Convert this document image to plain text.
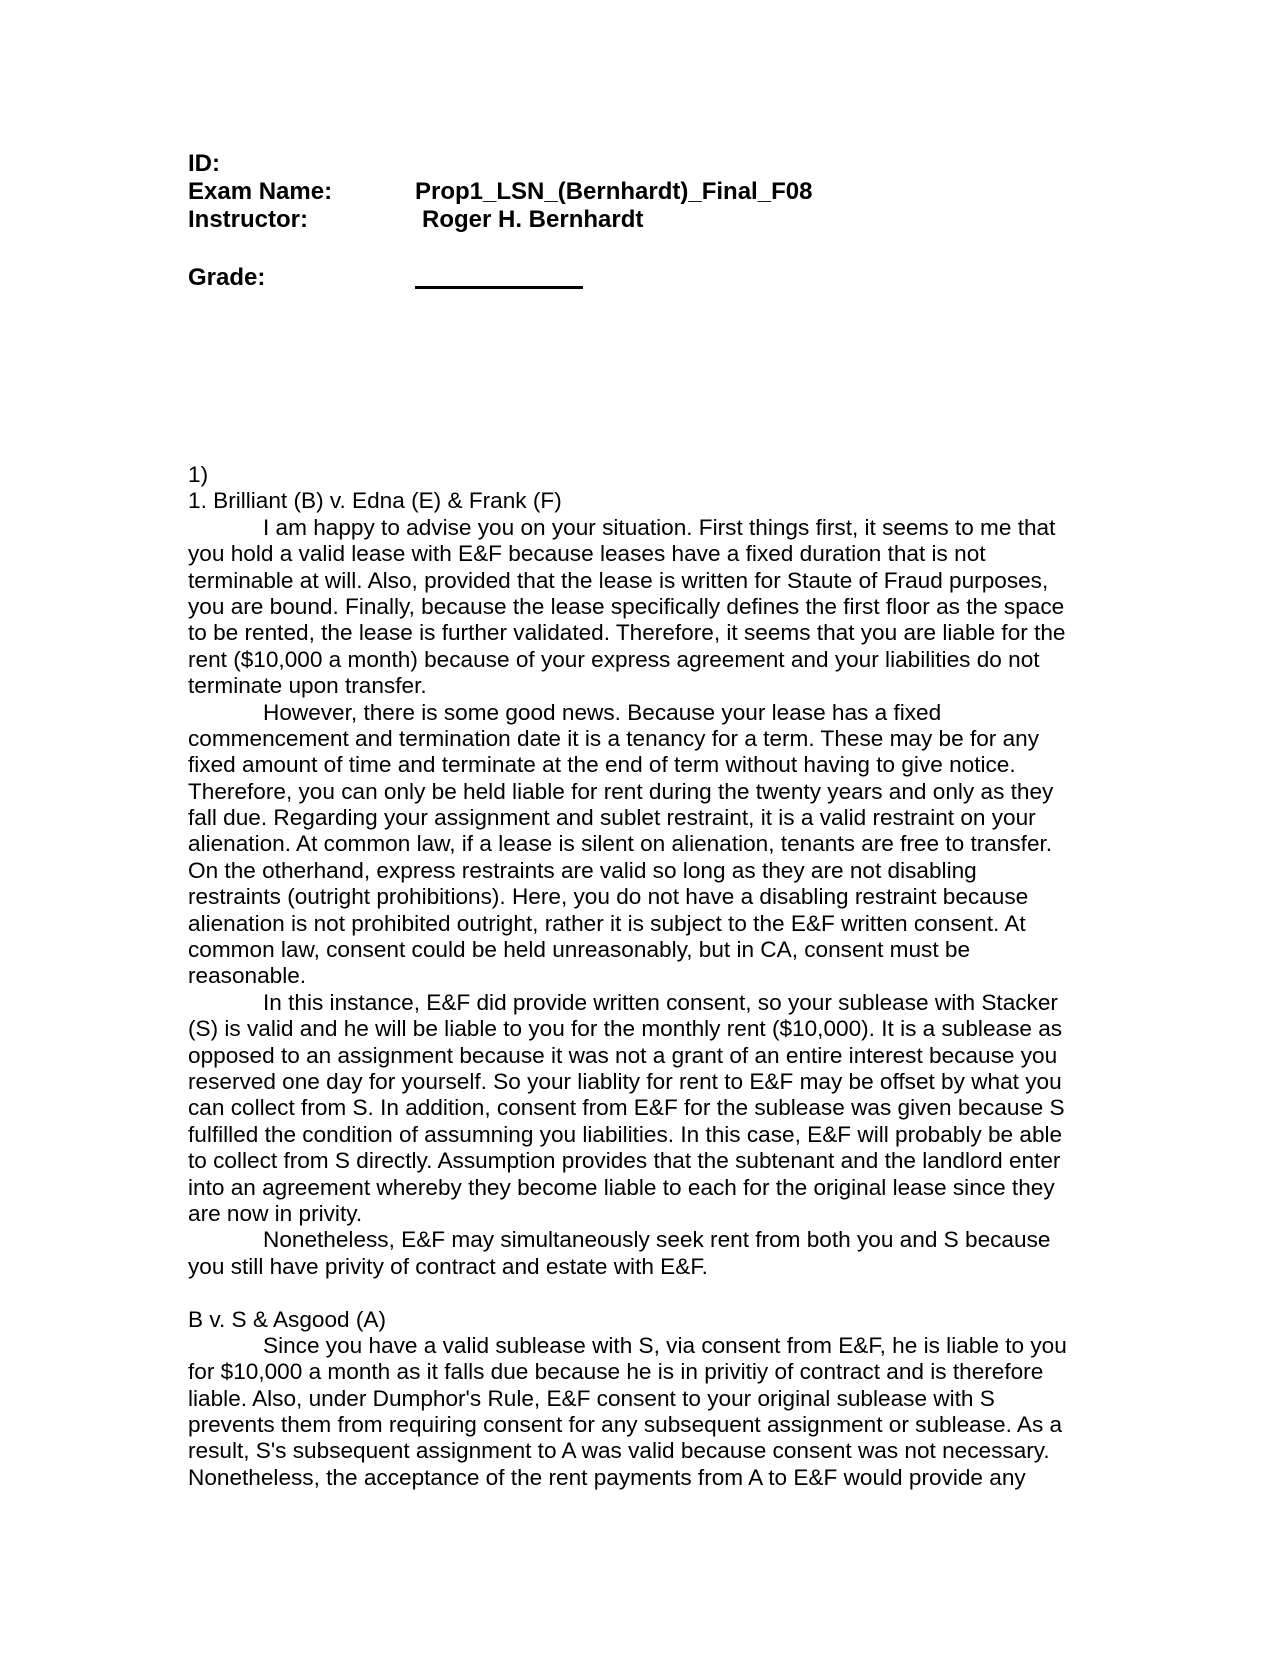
ID:
Exam Name:	Prop1_LSN_(Bernhardt)_Final_F08
Instructor:	Roger H. Bernhardt
Grade:
1)
1. Brilliant (B) v. Edna (E) & Frank (F)
I am happy to advise you on your situation. First things first, it seems to me that
you hold a valid lease with E&F because leases have a fixed duration that is not
terminable at will. Also, provided that the lease is written for Staute of Fraud purposes,
you are bound. Finally, because the lease specifically defines the first floor as the space
to be rented, the lease is further validated. Therefore, it seems that you are liable for the
rent ($10,000 a month) because of your express agreement and your liabilities do not
terminate upon transfer.
However, there is some good news. Because your lease has a fixed
commencement and termination date it is a tenancy for a term. These may be for any
fixed amount of time and terminate at the end of term without having to give notice.
Therefore, you can only be held liable for rent during the twenty years and only as they
fall due. Regarding your assignment and sublet restraint, it is a valid restraint on your
alienation. At common law, if a lease is silent on alienation, tenants are free to transfer.
On the otherhand, express restraints are valid so long as they are not disabling
restraints (outright prohibitions). Here, you do not have a disabling restraint because
alienation is not prohibited outright, rather it is subject to the E&F written consent. At
common law, consent could be held unreasonably, but in CA, consent must be
reasonable.
In this instance, E&F did provide written consent, so your sublease with Stacker
(S) is valid and he will be liable to you for the monthly rent ($10,000). It is a sublease as
opposed to an assignment because it was not a grant of an entire interest because you
reserved one day for yourself. So your liablity for rent to E&F may be offset by what you
can collect from S. In addition, consent from E&F for the sublease was given because S
fulfilled the condition of assumning you liabilities. In this case, E&F will probably be able
to collect from S directly. Assumption provides that the subtenant and the landlord enter
into an agreement whereby they become liable to each for the original lease since they
are now in privity.
Nonetheless, E&F may simultaneously seek rent from both you and S because
you still have privity of contract and estate with E&F.
B v. S & Asgood (A)
Since you have a valid sublease with S, via consent from E&F, he is liable to you
for $10,000 a month as it falls due because he is in privitiy of contract and is therefore
liable. Also, under Dumphor's Rule, E&F consent to your original sublease with S
prevents them from requiring consent for any subsequent assignment or sublease. As a
result, S's subsequent assignment to A was valid because consent was not necessary.
Nonetheless, the acceptance of the rent payments from A to E&F would provide any
